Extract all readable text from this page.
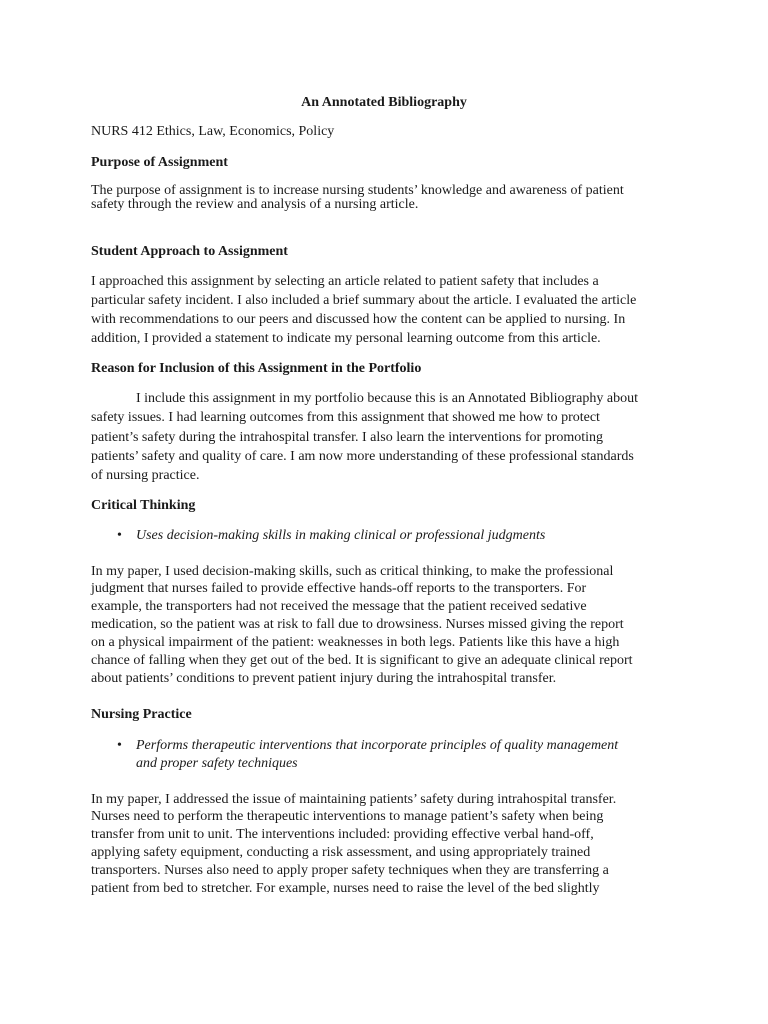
An Annotated Bibliography
NURS 412 Ethics, Law, Economics, Policy
Purpose of Assignment
The purpose of assignment is to increase nursing students’ knowledge and awareness of patient
safety through the review and analysis of a nursing article.
Student Approach to Assignment
I approached this assignment by selecting an article related to patient safety that includes a
particular safety incident. I also included a brief summary about the article. I evaluated the article
with recommendations to our peers and discussed how the content can be applied to nursing. In
addition, I provided a statement to indicate my personal learning outcome from this article.
Reason for Inclusion of this Assignment in the Portfolio
I include this assignment in my portfolio because this is an Annotated Bibliography about
safety issues. I had learning outcomes from this assignment that showed me how to protect
patient’s safety during the intrahospital transfer. I also learn the interventions for promoting
patients’ safety and quality of care. I am now more understanding of these professional standards
of nursing practice.
Critical Thinking
• Uses decision-making skills in making clinical or professional judgments
In my paper, I used decision-making skills, such as critical thinking, to make the professional
judgment that nurses failed to provide effective hands-off reports to the transporters. For
example, the transporters had not received the message that the patient received sedative
medication, so the patient was at risk to fall due to drowsiness. Nurses missed giving the report
on a physical impairment of the patient: weaknesses in both legs. Patients like this have a high
chance of falling when they get out of the bed. It is significant to give an adequate clinical report
about patients’ conditions to prevent patient injury during the intrahospital transfer.
Nursing Practice
• Performs therapeutic interventions that incorporate principles of quality management
and proper safety techniques
In my paper, I addressed the issue of maintaining patients’ safety during intrahospital transfer.
Nurses need to perform the therapeutic interventions to manage patient’s safety when being
transfer from unit to unit. The interventions included: providing effective verbal hand-off,
applying safety equipment, conducting a risk assessment, and using appropriately trained
transporters. Nurses also need to apply proper safety techniques when they are transferring a
patient from bed to stretcher. For example, nurses need to raise the level of the bed slightly
